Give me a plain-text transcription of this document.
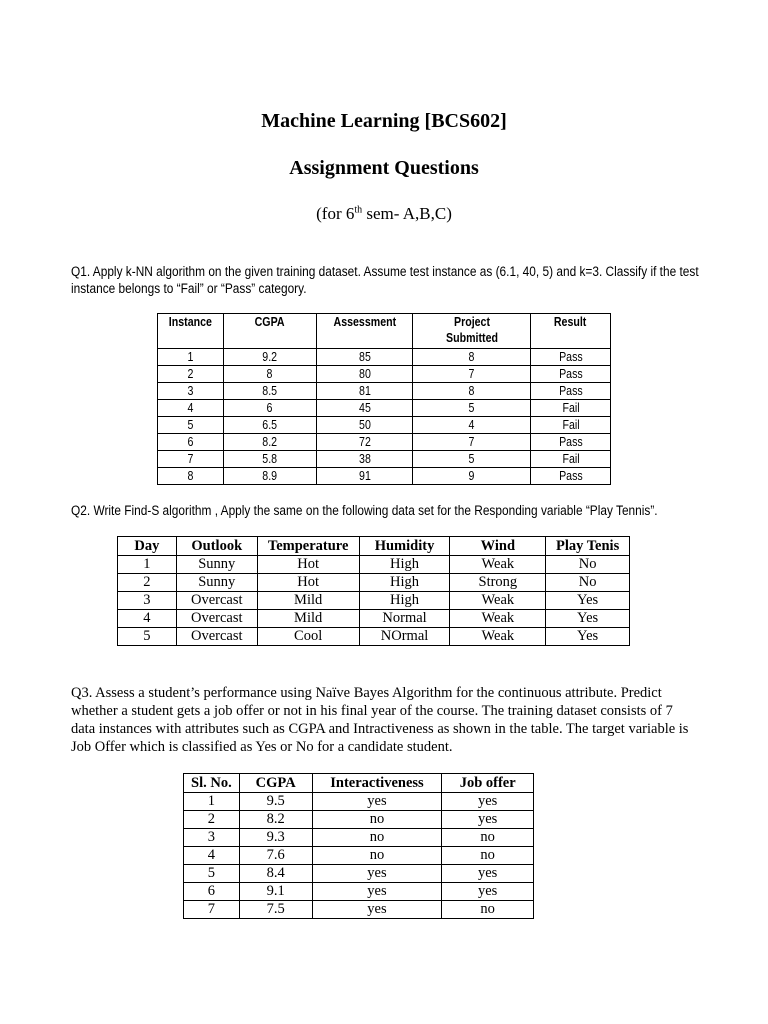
Machine Learning [BCS602]
Assignment Questions

(for 6th sem- A,B,C)

Q1. Apply k-NN algorithm on the given training dataset. Assume test instance as (6.1, 40, 5) and k=3. Classify if the test instance belongs to “Fail” or “Pass” category.

Instance	CGPA	Assessment	Project Submitted	Result
1	9.2	85	8	Pass
2	8	80	7	Pass
3	8.5	81	8	Pass
4	6	45	5	Fail
5	6.5	50	4	Fail
6	8.2	72	7	Pass
7	5.8	38	5	Fail
8	8.9	91	9	Pass

Q2. Write Find-S algorithm , Apply the same on the following data set for the Responding variable “Play Tennis”.

Day	Outlook	Temperature	Humidity	Wind	Play Tenis
1	Sunny	Hot	High	Weak	No
2	Sunny	Hot	High	Strong	No
3	Overcast	Mild	High	Weak	Yes
4	Overcast	Mild	Normal	Weak	Yes
5	Overcast	Cool	NOrmal	Weak	Yes

Q3. Assess a student’s performance using Naïve Bayes Algorithm for the continuous attribute. Predict whether a student gets a job offer or not in his final year of the course. The training dataset consists of 7 data instances with attributes such as CGPA and Intractiveness as shown in the table. The target variable is Job Offer which is classified as Yes or No for a candidate student.

Sl. No.	CGPA	Interactiveness	Job offer
1	9.5	yes	yes
2	8.2	no	yes
3	9.3	no	no
4	7.6	no	no
5	8.4	yes	yes
6	9.1	yes	yes
7	7.5	yes	no
